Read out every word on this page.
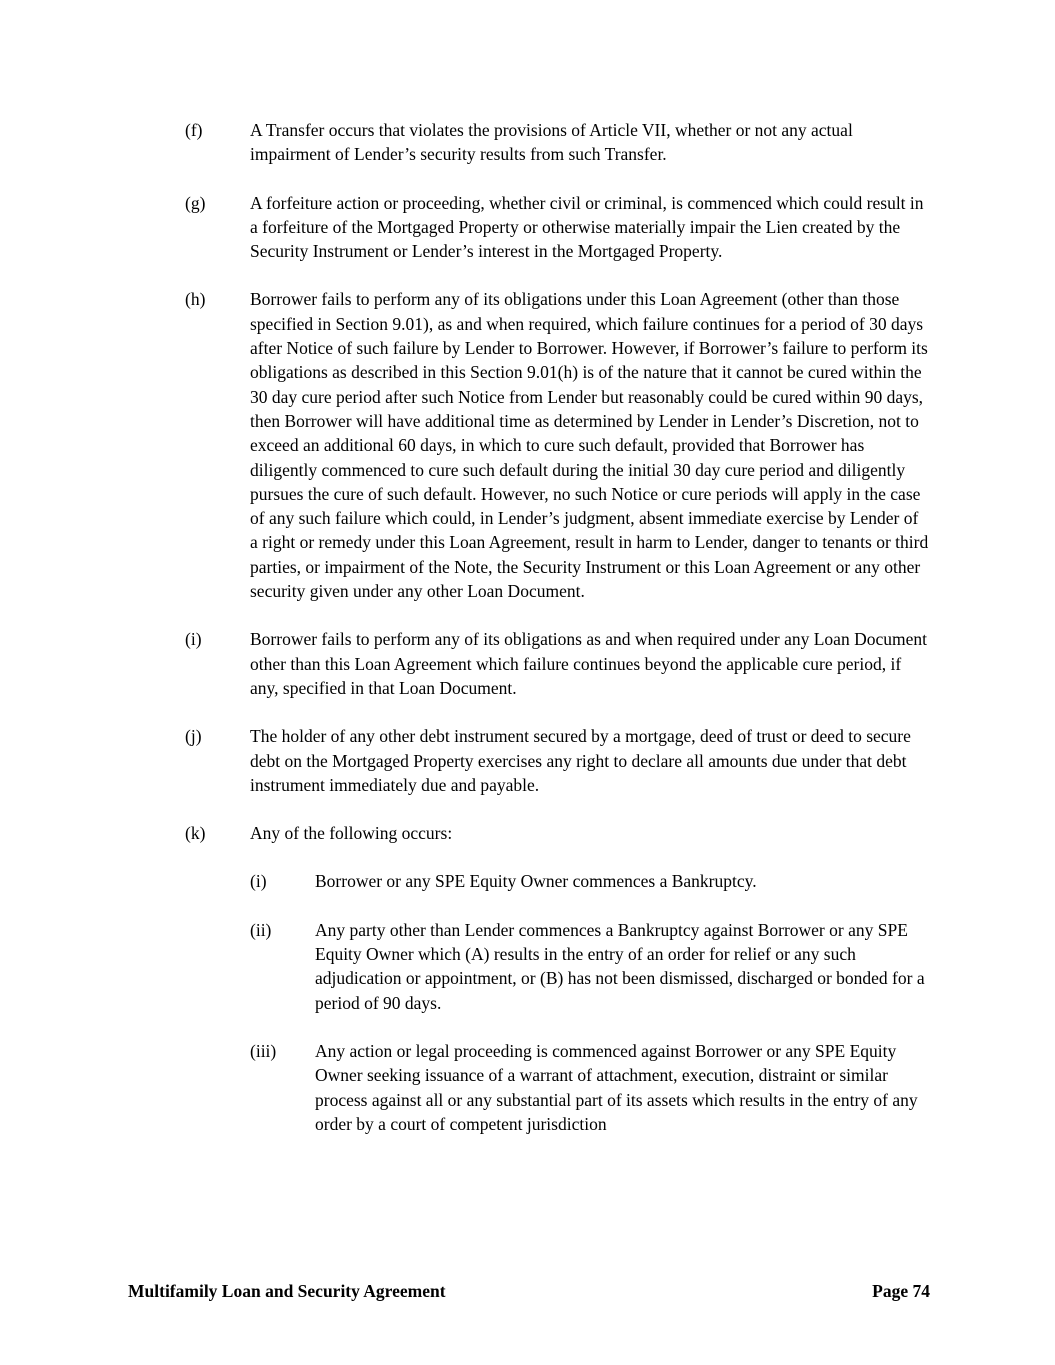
(f)	A Transfer occurs that violates the provisions of Article VII, whether or not any actual impairment of Lender’s security results from such Transfer.

(g)	A forfeiture action or proceeding, whether civil or criminal, is commenced which could result in a forfeiture of the Mortgaged Property or otherwise materially impair the Lien created by the Security Instrument or Lender’s interest in the Mortgaged Property.

(h)	Borrower fails to perform any of its obligations under this Loan Agreement (other than those specified in Section 9.01), as and when required, which failure continues for a period of 30 days after Notice of such failure by Lender to Borrower. However, if Borrower’s failure to perform its obligations as described in this Section 9.01(h) is of the nature that it cannot be cured within the 30 day cure period after such Notice from Lender but reasonably could be cured within 90 days, then Borrower will have additional time as determined by Lender in Lender’s Discretion, not to exceed an additional 60 days, in which to cure such default, provided that Borrower has diligently commenced to cure such default during the initial 30 day cure period and diligently pursues the cure of such default. However, no such Notice or cure periods will apply in the case of any such failure which could, in Lender’s judgment, absent immediate exercise by Lender of a right or remedy under this Loan Agreement, result in harm to Lender, danger to tenants or third parties, or impairment of the Note, the Security Instrument or this Loan Agreement or any other security given under any other Loan Document.

(i)	Borrower fails to perform any of its obligations as and when required under any Loan Document other than this Loan Agreement which failure continues beyond the applicable cure period, if any, specified in that Loan Document.

(j)	The holder of any other debt instrument secured by a mortgage, deed of trust or deed to secure debt on the Mortgaged Property exercises any right to declare all amounts due under that debt instrument immediately due and payable.

(k)	Any of the following occurs:

(i)	Borrower or any SPE Equity Owner commences a Bankruptcy.

(ii)	Any party other than Lender commences a Bankruptcy against Borrower or any SPE Equity Owner which (A) results in the entry of an order for relief or any such adjudication or appointment, or (B) has not been dismissed, discharged or bonded for a period of 90 days.

(iii)	Any action or legal proceeding is commenced against Borrower or any SPE Equity Owner seeking issuance of a warrant of attachment, execution, distraint or similar process against all or any substantial part of its assets which results in the entry of any order by a court of competent jurisdiction

Multifamily Loan and Security Agreement	Page 74
